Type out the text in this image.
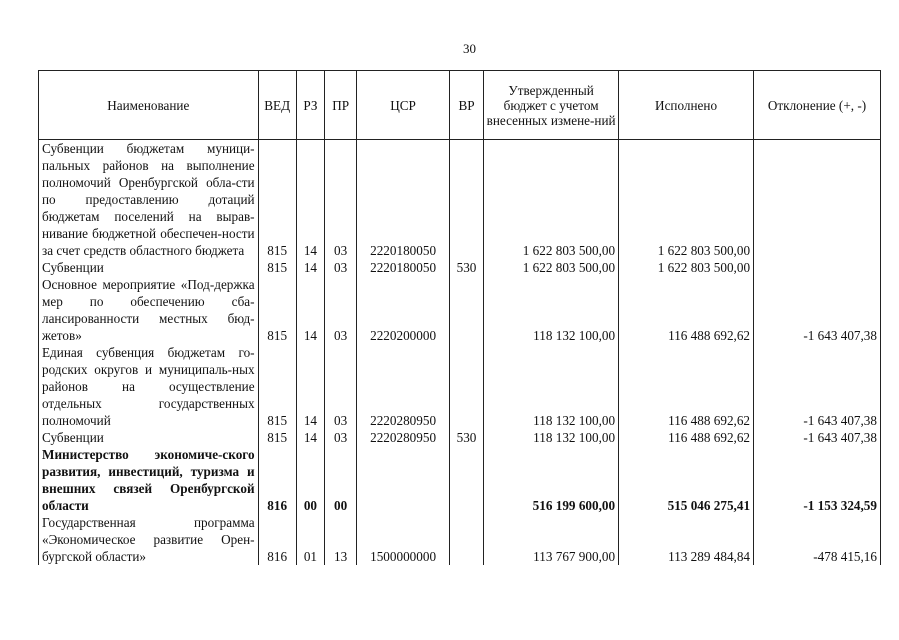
30
Наименование	ВЕД	РЗ	ПР	ЦСР	ВР	Утвержденный бюджет с учетом внесенных измене-ний	Исполнено	Отклонение (+, -)
Субвенции бюджетам муници-пальных районов на выполнение полномочий Оренбургской обла-сти по предоставлению дотаций бюджетам поселений на вырав-нивание бюджетной обеспечен-ности за счет средств областного бюджета	815	14	03	2220180050		1 622 803 500,00	1 622 803 500,00	
Субвенции	815	14	03	2220180050	530	1 622 803 500,00	1 622 803 500,00	
Основное мероприятие «Под-держка мер по обеспечению сба-лансированности местных бюд-жетов»	815	14	03	2220200000		118 132 100,00	116 488 692,62	-1 643 407,38
Единая субвенция бюджетам го-родских округов и муниципаль-ных районов на осуществление отдельных государственных полномочий	815	14	03	2220280950		118 132 100,00	116 488 692,62	-1 643 407,38
Субвенции	815	14	03	2220280950	530	118 132 100,00	116 488 692,62	-1 643 407,38
Министерство экономиче-ского развития, инвестиций, туризма и внешних связей Оренбургской области	816	00	00			516 199 600,00	515 046 275,41	-1 153 324,59
Государственная программа «Экономическое развитие Орен-бургской области»	816	01	13	1500000000		113 767 900,00	113 289 484,84	-478 415,16
